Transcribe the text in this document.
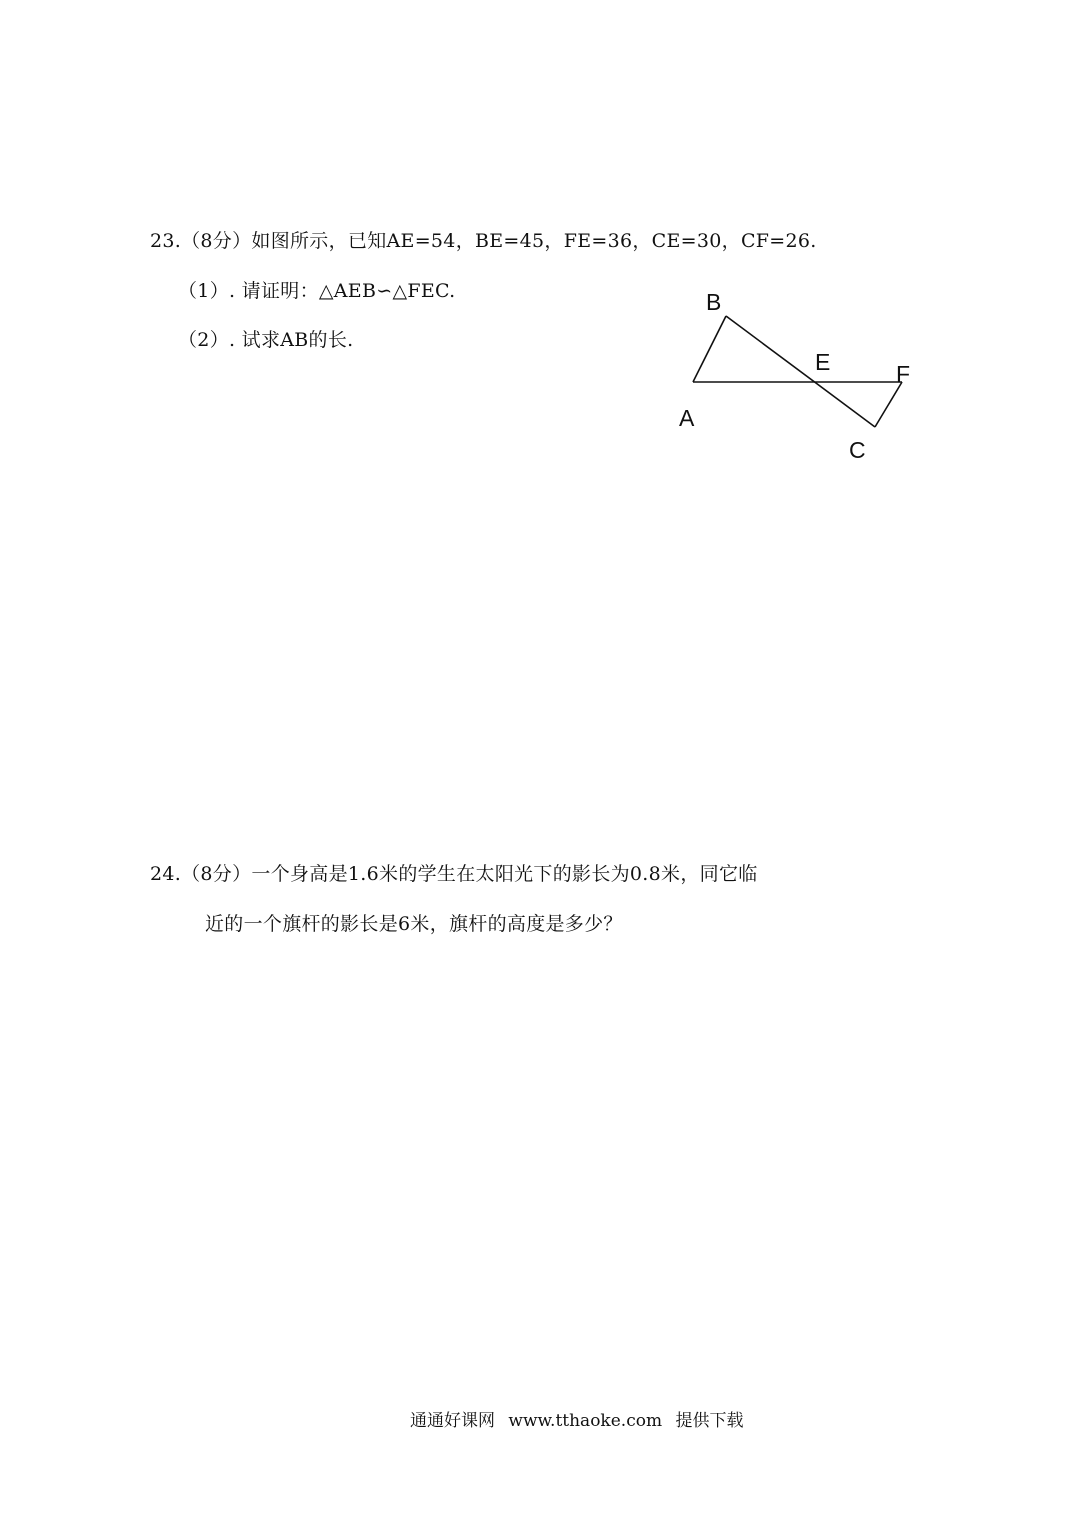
23.（8分）如图所示，已知AE=54，BE=45，FE=36，CE=30，CF=26.
（1）. 请证明：△AEB∽△FEC.
（2）. 试求AB的长.
B
E	F
A
C
24.（8分）一个身高是1.6米的学生在太阳光下的影长为0.8米，同它临
近的一个旗杆的影长是6米，旗杆的高度是多少？
通通好课网 www.tthaoke.com 提供下载
